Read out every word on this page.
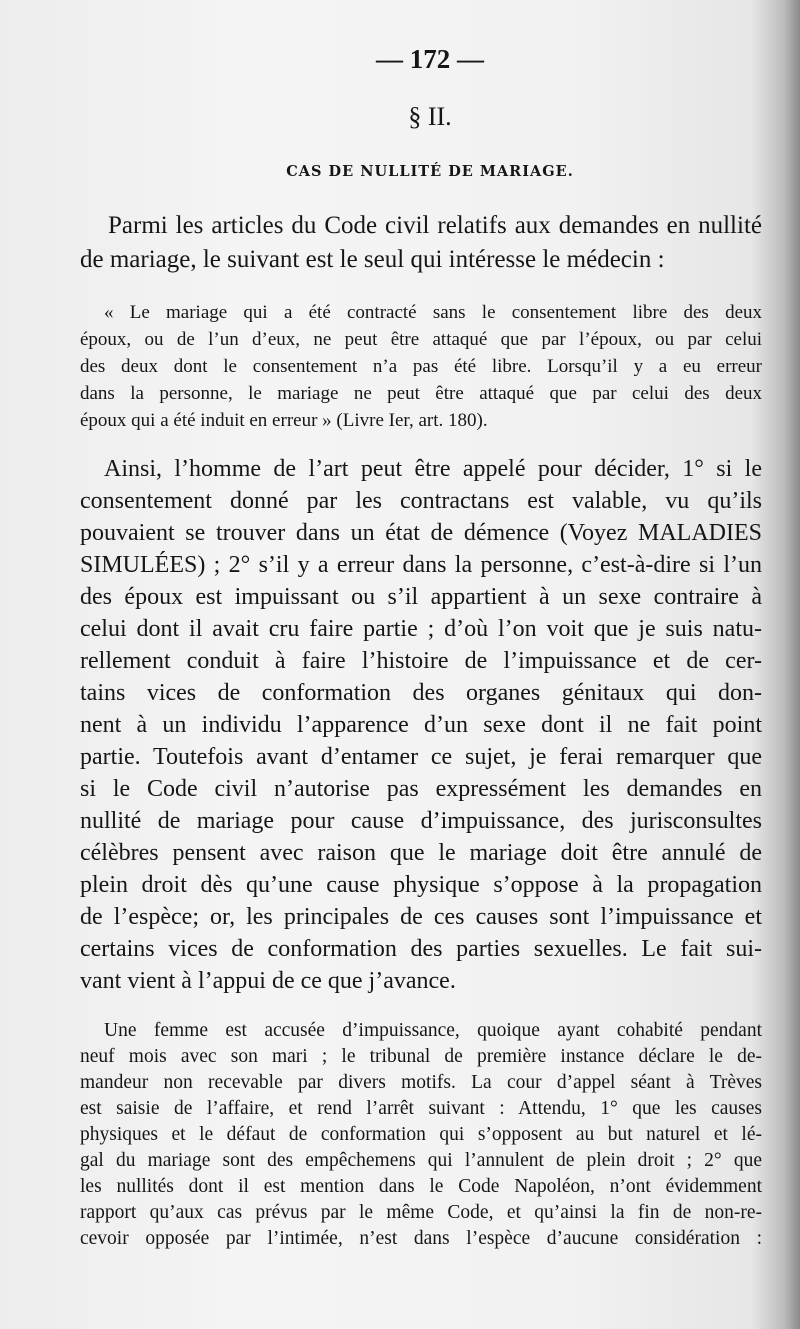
— 172 —
§ II.
CAS DE NULLITÉ DE MARIAGE.
Parmi les articles du Code civil relatifs aux demandes en nullité
de mariage, le suivant est le seul qui intéresse le médecin :
« Le mariage qui a été contracté sans le consentement libre des deux
époux, ou de l’un d’eux, ne peut être attaqué que par l’époux, ou par celui
des deux dont le consentement n’a pas été libre. Lorsqu’il y a eu erreur
dans la personne, le mariage ne peut être attaqué que par celui des deux
époux qui a été induit en erreur » (Livre Ier, art. 180).
Ainsi, l’homme de l’art peut être appelé pour décider, 1° si le
consentement donné par les contractans est valable, vu qu’ils
pouvaient se trouver dans un état de démence (Voyez MALADIES
SIMULÉES) ; 2° s’il y a erreur dans la personne, c’est-à-dire si l’un
des époux est impuissant ou s’il appartient à un sexe contraire à
celui dont il avait cru faire partie ; d’où l’on voit que je suis natu-
rellement conduit à faire l’histoire de l’impuissance et de cer-
tains vices de conformation des organes génitaux qui don-
nent à un individu l’apparence d’un sexe dont il ne fait point
partie. Toutefois avant d’entamer ce sujet, je ferai remarquer que
si le Code civil n’autorise pas expressément les demandes en
nullité de mariage pour cause d’impuissance, des jurisconsultes
célèbres pensent avec raison que le mariage doit être annulé de
plein droit dès qu’une cause physique s’oppose à la propagation
de l’espèce; or, les principales de ces causes sont l’impuissance et
certains vices de conformation des parties sexuelles. Le fait sui-
vant vient à l’appui de ce que j’avance.
Une femme est accusée d’impuissance, quoique ayant cohabité pendant
neuf mois avec son mari ; le tribunal de première instance déclare le de-
mandeur non recevable par divers motifs. La cour d’appel séant à Trèves
est saisie de l’affaire, et rend l’arrêt suivant : Attendu, 1° que les causes
physiques et le défaut de conformation qui s’opposent au but naturel et lé-
gal du mariage sont des empêchemens qui l’annulent de plein droit ; 2° que
les nullités dont il est mention dans le Code Napoléon, n’ont évidemment
rapport qu’aux cas prévus par le même Code, et qu’ainsi la fin de non-re-
cevoir opposée par l’intimée, n’est dans l’espèce d’aucune considération :
